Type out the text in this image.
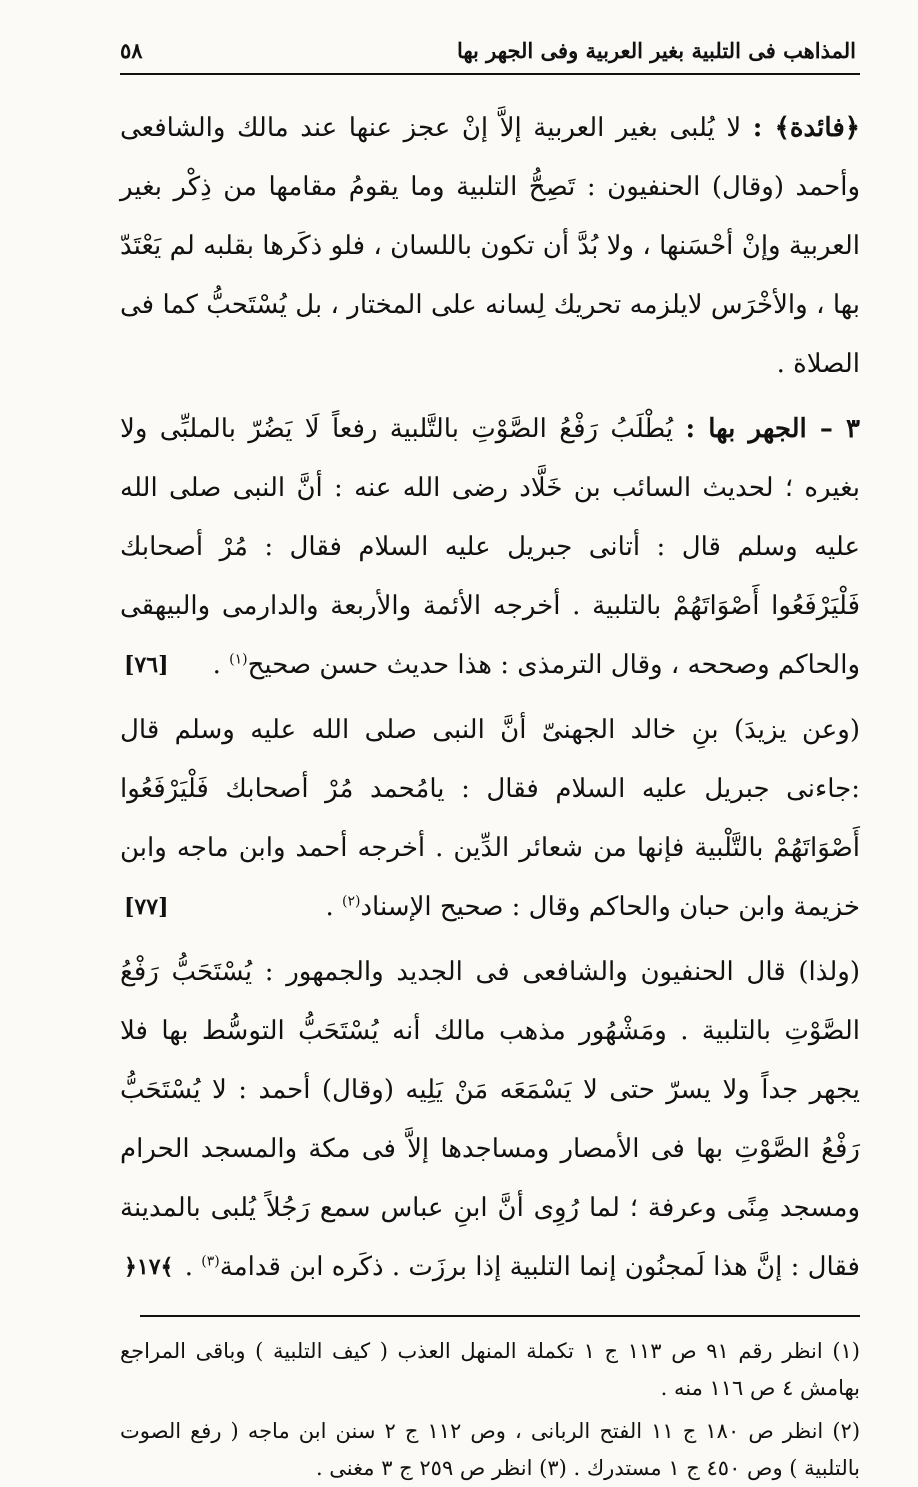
المذاهب فى التلبية بغير العربية وفى الجهر بها
٥٨

﴿فائدة﴾ : لا يُلبى بغير العربية إلاَّ إنْ عجز عنها عند مالك والشافعى وأحمد (وقال) الحنفيون : تَصِحُّ التلبية وما يقومُ مقامها من ذِكْر بغير العربية وإنْ أحْسَنها ، ولا بُدَّ أن تكون باللسان ، فلو ذكَرها بقلبه لم يَعْتَدّ بها ، والأخْرَس لايلزمه تحريك لِسانه على المختار ، بل يُسْتَحبُّ كما فى الصلاة .

٣ – الجهر بها : يُطْلَبُ رَفْعُ الصَّوْتِ بالتَّلبية رفعاً لَا يَضُرّ بالملبِّى ولا بغيره ؛ لحديث السائب بن خَلَّاد رضى الله عنه : أنَّ النبى صلى الله عليه وسلم قال : أتانى جبريل عليه السلام فقال : مُرْ أصحابك فَلْيَرْفَعُوا أَصْوَاتَهُمْ بالتلبية . أخرجه الأئمة والأربعة والدارمى والبيهقى والحاكم وصححه ، وقال الترمذى : هذا حديث حسن صحيح$^{(١)}$ .
[٧٦]

(وعن يزيدَ) بنِ خالد الجهنىّ أنَّ النبى صلى الله عليه وسلم قال :جاءنى جبريل عليه السلام فقال : يامُحمد مُرْ أصحابك فَلْيَرْفَعُوا أَصْوَاتَهُمْ بالتَّلْبية فإنها من شعائر الدِّين . أخرجه أحمد وابن ماجه وابن خزيمة وابن حبان والحاكم وقال : صحيح الإسناد$^{(٢)}$ .
[٧٧]

(ولذا) قال الحنفيون والشافعى فى الجديد والجمهور : يُسْتَحَبُّ رَفْعُ الصَّوْتِ بالتلبية . ومَشْهُور مذهب مالك أنه يُسْتَحَبُّ التوسُّط بها فلا يجهر جداً ولا يسرّ حتى لا يَسْمَعَه مَنْ يَلِيه (وقال) أحمد : لا يُسْتَحَبُّ رَفْعُ الصَّوْتِ بها فى الأمصار ومساجدها إلاَّ فى مكة والمسجد الحرام ومسجد مِنًى وعرفة ؛ لما رُوِى أنَّ ابنِ عباس سمع رَجُلاً يُلبى بالمدينة فقال : إنَّ هذا لَمجنُون إنما التلبية إذا برزَت . ذكَره ابن قدامة$^{(٣)}$ .
﴿١٧﴾

(١) انظر رقم ٩١ ص ١١٣ ج ١ تكملة المنهل العذب ( كيف التلبية ) وباقى المراجع بهامش ٤ ص ١١٦ منه .

(٢) انظر ص ١٨٠ ج ١١ الفتح الربانى ، وص ١١٢ ج ٢ سنن ابن ماجه ( رفع الصوت بالتلبية ) وص ٤٥٠ ج ١ مستدرك . (٣) انظر ص ٢٥٩ ج ٣ مغنى .
